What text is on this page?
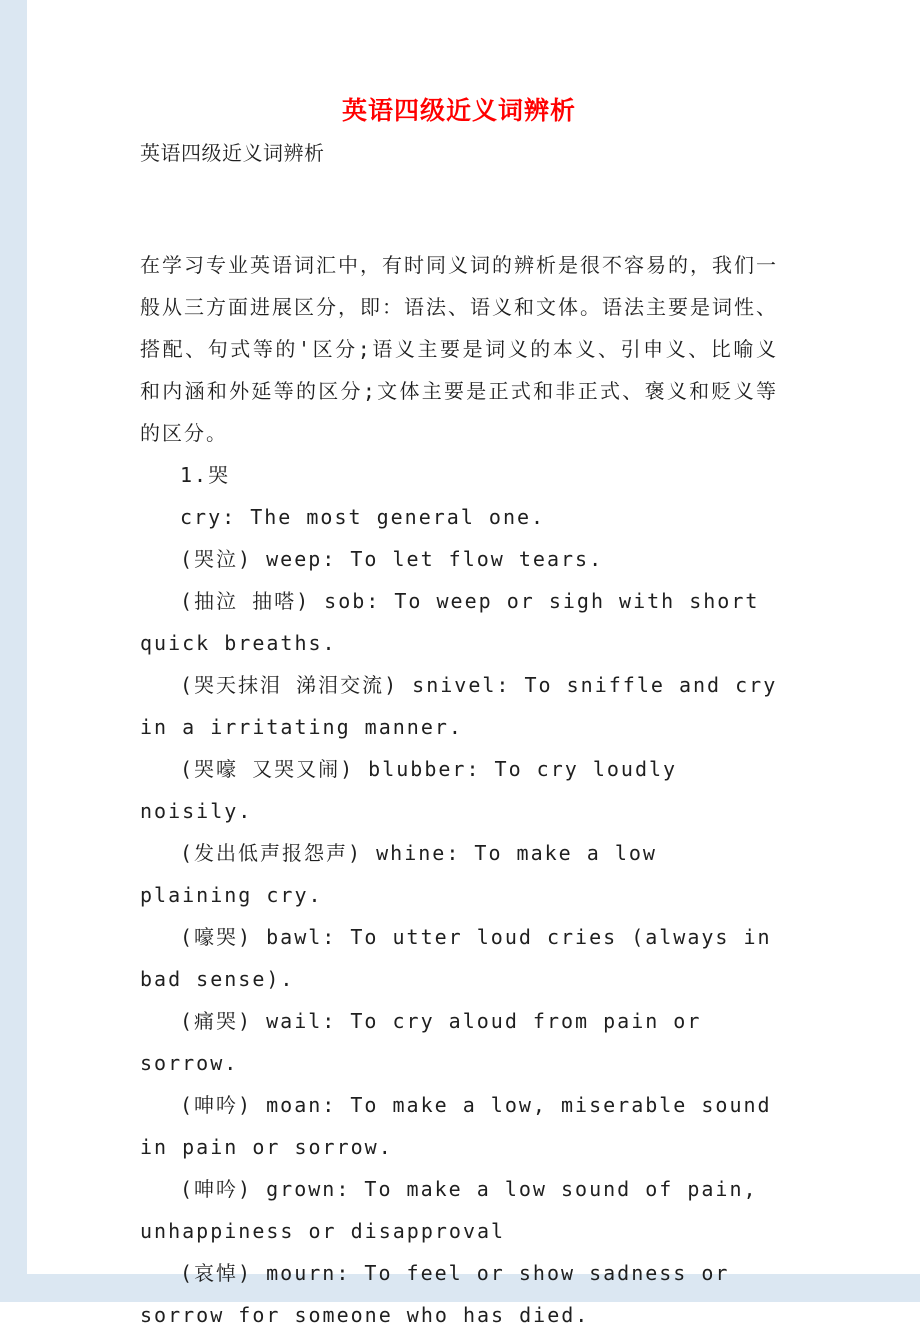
英语四级近义词辨析

英语四级近义词辨析

在学习专业英语词汇中，有时同义词的辨析是很不容易的，我们一般从三方面进展区分，即：语法、语义和文体。语法主要是词性、搭配、句式等的'区分;语义主要是词义的本义、引申义、比喻义和内涵和外延等的区分;文体主要是正式和非正式、褒义和贬义等的区分。

1.哭

cry: The most general one.

(哭泣) weep: To let flow tears.

(抽泣 抽嗒) sob: To weep or sigh with short quick breaths.

(哭天抹泪 涕泪交流) snivel: To sniffle and cry in a irritating manner.

(哭嚎 又哭又闹) blubber: To cry loudly noisily.

(发出低声报怨声) whine: To make a low plaining cry.

(嚎哭) bawl: To utter loud cries (always in bad sense).

(痛哭) wail: To cry aloud from pain or sorrow.

(呻吟) moan: To make a low, miserable sound in pain or sorrow.

(呻吟) grown: To make a low sound of pain, unhappiness or disapproval

(哀悼) mourn: To feel or show sadness or sorrow for someone who has died.
